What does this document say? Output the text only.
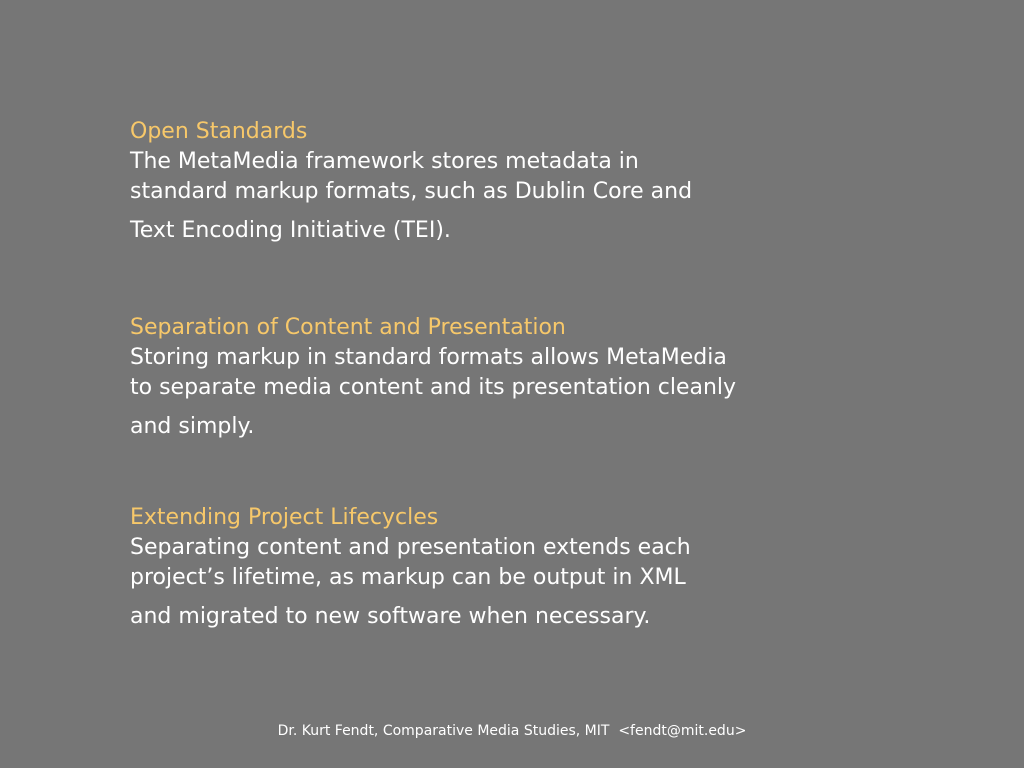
Open Standards
The MetaMedia framework stores metadata in
standard markup formats, such as Dublin Core and
Text Encoding Initiative (TEI).
Separation of Content and Presentation
Storing markup in standard formats allows MetaMedia
to separate media content and its presentation cleanly
and simply.
Extending Project Lifecycles
Separating content and presentation extends each
project’s lifetime, as markup can be output in XML
and migrated to new software when necessary.
Dr. Kurt Fendt, Comparative Media Studies, MIT  <fendt@mit.edu>
